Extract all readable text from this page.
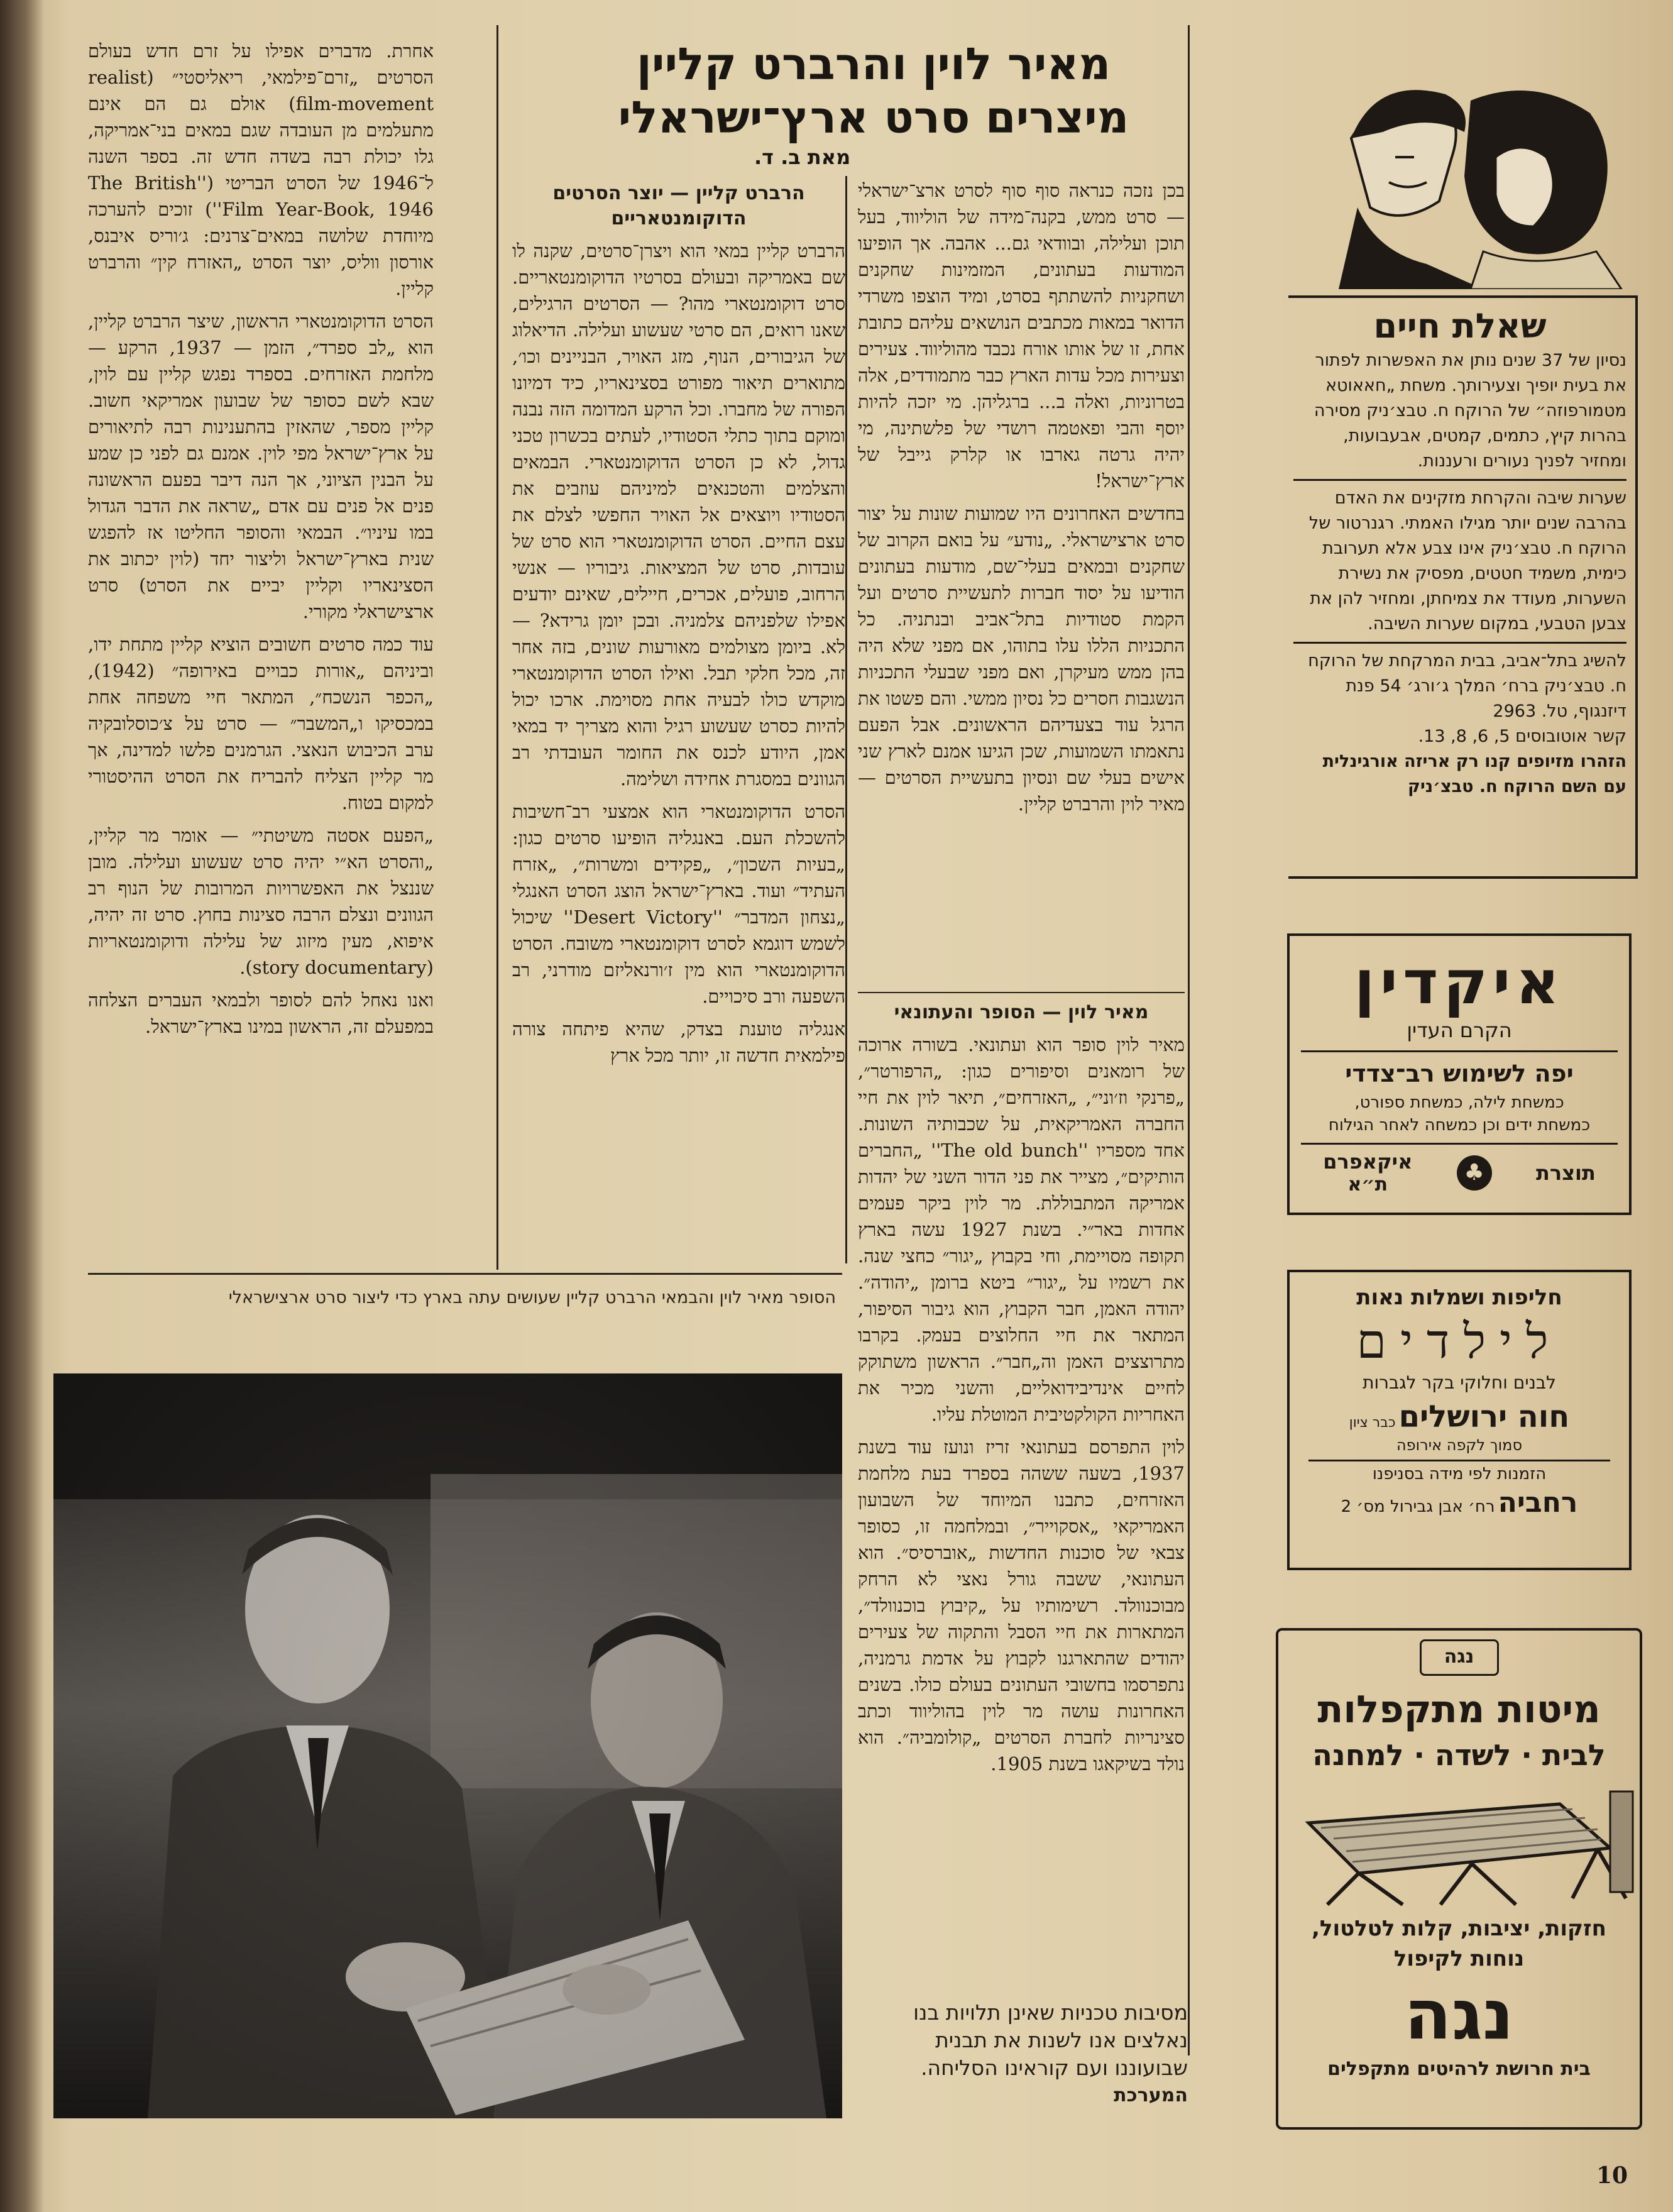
מאיר לוין והרברט קליין
מיצרים סרט ארץ־ישראלי
מאת ב. ד.

בכן נזכה כנראה סוף סוף לסרט ארצ־ישראלי — סרט ממש, בקנה־מידה של הוליווד, בעל תוכן ועלילה, ובוודאי גם... אהבה. אך הופיעו המודעות בעתונים, המזמינות שחקנים ושחקניות להשתתף בסרט, ומיד הוצפו משרדי הדואר במאות מכתבים הנושאים עליהם כתובת אחת, זו של אותו אורח נכבד מהוליווד. צעירים וצעירות מכל עדות הארץ כבר מתמודדים, אלה בטרוניות, ואלה ב... ברגליהן. מי יזכה להיות יוסף והבי ופאטמה רושדי של פלשתינה, מי יהיה גרטה גארבו או קלרק גייבל של ארץ־ישראל!

בחדשים האחרונים היו שמועות שונות על יצור סרט ארצישראלי. „נודע״ על בואם הקרוב של שחקנים ובמאים בעלי־שם, מודעות בעתונים הודיעו על יסוד חברות לתעשיית סרטים ועל הקמת סטודיות בתל־אביב ובנתניה. כל התכניות הללו עלו בתוהו, אם מפני שלא היה בהן ממש מעיקרן, ואם מפני שבעלי התכניות הנשגבות חסרים כל נסיון ממשי. והם פשטו את הרגל עוד בצעדיהם הראשונים. אבל הפעם נתאמתו השמועות, שכן הגיעו אמנם לארץ שני אישים בעלי שם ונסיון בתעשיית הסרטים — מאיר לוין והרברט קליין.

מאיר לוין — הסופר והעתונאי

מאיר לוין סופר הוא ועתונאי. בשורה ארוכה של רומאנים וסיפורים כגון: „הרפורטר״, „פרנקי וז׳וני״, „האזרחים״, תיאר לוין את חיי החברה האמריקאית, על שכבותיה השונות. אחד מספריו ''The old bunch'' „החברים הותיקים״, מצייר את פני הדור השני של יהדות אמריקה המתבוללת. מר לוין ביקר פעמים אחדות באר״י. בשנת 1927 עשה בארץ תקופה מסויימת, וחי בקבוץ „יגור״ כחצי שנה. את רשמיו על „יגור״ ביטא ברומן „יהודה״. יהודה האמן, חבר הקבוץ, הוא גיבור הסיפור, המתאר את חיי החלוצים בעמק. בקרבו מתרוצצים האמן וה„חבר״. הראשון משתוקק לחיים אינדיבידואליים, והשני מכיר את האחריות הקולקטיבית המוטלת עליו.

לוין התפרסם בעתונאי זריז ונועז עוד בשנת 1937, בשעה ששהה בספרד בעת מלחמת האזרחים, כתבנו המיוחד של השבועון האמריקאי „אסקוייר״, ובמלחמה זו, כסופר צבאי של סוכנות החדשות „אוברסיס״. הוא העתונאי, ששבה גורל נאצי לא הרחק מבוכנוולד. רשימותיו על „קיבוץ בוכנוולד״, המתארות את חיי הסבל והתקוה של צעירים יהודים שהתארגנו לקבוץ על אדמת גרמניה, נתפרסמו בחשובי העתונים בעולם כולו. בשנים האחרונות עושה מר לוין בהוליווד וכתב סצינריות לחברת הסרטים „קולומביה״. הוא נולד בשיקאגו בשנת 1905.

הרברט קליין — יוצר הסרטים הדוקומנטאריים

הרברט קליין במאי הוא ויצרן־סרטים, שקנה לו שם באמריקה ובעולם בסרטיו הדוקומנטאריים. סרט דוקומנטארי מהו? — הסרטים הרגילים, שאנו רואים, הם סרטי שעשוע ועלילה. הדיאלוג של הגיבורים, הנוף, מזג האויר, הבניינים וכו׳, מתוארים תיאור מפורט בסצינאריו, כיד דמיונו הפורה של מחברו. וכל הרקע המדומה הזה נבנה ומוקם בתוך כתלי הסטודיו, לעתים בכשרון טכני גדול, לא כן הסרט הדוקומנטארי. הבמאים והצלמים והטכנאים למיניהם עוזבים את הסטודיו ויוצאים אל האויר החפשי לצלם את עצם החיים. הסרט הדוקומנטארי הוא סרט של עובדות, סרט של המציאות. גיבוריו — אנשי הרחוב, פועלים, אכרים, חיילים, שאינם יודעים אפילו שלפניהם צלמניה. ובכן יומן גרידא? — לא. ביומן מצולמים מאורעות שונים, בזה אחר זה, מכל חלקי תבל. ואילו הסרט הדוקומנטארי מוקדש כולו לבעיה אחת מסוימת. ארכו יכול להיות כסרט שעשוע רגיל והוא מצריך יד במאי אמן, היודע לכנס את החומר העובדתי רב הגוונים במסגרת אחידה ושלימה.

הסרט הדוקומנטארי הוא אמצעי רב־חשיבות להשכלת העם. באנגליה הופיעו סרטים כגון: „בעיות השכון״, „פקידים ומשרות״, „אזרח העתיד״ ועוד. בארץ־ישראל הוצג הסרט האנגלי „נצחון המדבר״ ''Desert Victory'' שיכול לשמש דוגמא לסרט דוקומנטארי משובח. הסרט הדוקומנטארי הוא מין ז׳ורנאליזם מודרני, רב השפעה ורב סיכויים.

אנגליה טוענת בצדק, שהיא פיתחה צורה פילמאית חדשה זו, יותר מכל ארץ

אחרת. מדברים אפילו על זרם חדש בעולם הסרטים „זרם־פילמאי, ריאליסטי״ (realist film-movement) אולם גם הם אינם מתעלמים מן העובדה שגם במאים בני־אמריקה, גלו יכולת רבה בשדה חדש זה. בספר השנה ל־1946 של הסרט הבריטי (''The British Film Year-Book, 1946'') זוכים להערכה מיוחדת שלושה במאים־צרנים: ג׳וריס איבנס, אורסון ווליס, יוצר הסרט „האזרח קין״ והרברט קליין.

הסרט הדוקומנטארי הראשון, שיצר הרברט קליין, הוא „לב ספרד״, הזמן — 1937, הרקע — מלחמת האזרחים. בספרד נפגש קליין עם לוין, שבא לשם כסופר של שבועון אמריקאי חשוב. קליין מספר, שהאזין בהתענינות רבה לתיאורים על ארץ־ישראל מפי לוין. אמנם גם לפני כן שמע על הבנין הציוני, אך הנה דיבר בפעם הראשונה פנים אל פנים עם אדם „שראה את הדבר הגדול במו עיניו״. הבמאי והסופר החליטו אז להפגש שנית בארץ־ישראל וליצור יחד (לוין יכתוב את הסצינאריו וקליין יביים את הסרט) סרט ארצישראלי מקורי.

עוד כמה סרטים חשובים הוציא קליין מתחת ידו, וביניהם „אורות כבויים באירופה״ (1942), „הכפר הנשכח״, המתאר חיי משפחה אחת במכסיקו ו„המשבר״ — סרט על צ׳כוסלובקיה ערב הכיבוש הנאצי. הגרמנים פלשו למדינה, אך מר קליין הצליח להבריח את הסרט ההיסטורי למקום בטוח.

„הפעם אסטה משיטתי״ — אומר מר קליין, „והסרט הא״י יהיה סרט שעשוע ועלילה. מובן שננצל את האפשרויות המרובות של הנוף רב הגוונים ונצלם הרבה סצינות בחוץ. סרט זה יהיה, איפוא, מעין מיזוג של עלילה ודוקומנטאריות (story documentary).

ואנו נאחל להם לסופר ולבמאי העברים הצלחה במפעלם זה, הראשון במינו בארץ־ישראל.

הסופר מאיר לוין והבמאי הרברט קליין שעושים עתה בארץ כדי ליצור סרט ארצישראלי
מסיבות טכניות שאינן תלויות בנו נאלצים אנו לשנות את תבנית שבועוננו ועם קוראינו הסליחה.
המערכת
10
שאלת חיים
נסיון של 37 שנים נותן את האפשרות לפתור את בעית יופיך וצעירותך. משחת „חאאוטא מטמורפוזה״ של הרוקח ח. טבצ׳ניק מסירה בהרות קיץ, כתמים, קמטים, אבעבועות, ומחזיר לפניך נעורים ורעננות.
שערות שיבה והקרחת מזקינים את האדם בהרבה שנים יותר מגילו האמתי. רגנרטור של הרוקח ח. טבצ׳ניק אינו צבע אלא תערובת כימית, משמיד חטטים, מפסיק את נשירת השערות, מעודד את צמיחתן, ומחזיר להן את צבען הטבעי, במקום שערות השיבה.
להשיג בתל־אביב, בבית המרקחת של הרוקח ח. טבצ׳ניק ברח׳ המלך ג׳ורג׳ 54 פנת דיזנגוף, טל. 2963
קשר אוטובוסים 5, 6, 8, 13.
הזהרו מזיופים קנו רק אריזה אורגינלית
עם השם הרוקח ח. טבצ׳ניק
איקדין
הקרם העדין
יפה לשימוש רב־צדדי
כמשחת לילה, כמשחת ספורט,
כמשחת ידים וכן כמשחה לאחר הגילוח
תוצרת
♣
איקאפרם
ת״א
חליפות ושמלות נאות
לילדים
לבנים וחלוקי בקר לגברות
חוה ירושלים כבר ציון
סמוך לקפה אירופה
הזמנות לפי מידה בסניפנו
רחביה רח׳ אבן גבירול מס׳ 2
נגה
מיטות מתקפלות
לבית · לשדה · למחנה
חזקות, יציבות, קלות לטלטול,
נוחות לקיפול
נגה
בית חרושת לרהיטים מתקפלים
